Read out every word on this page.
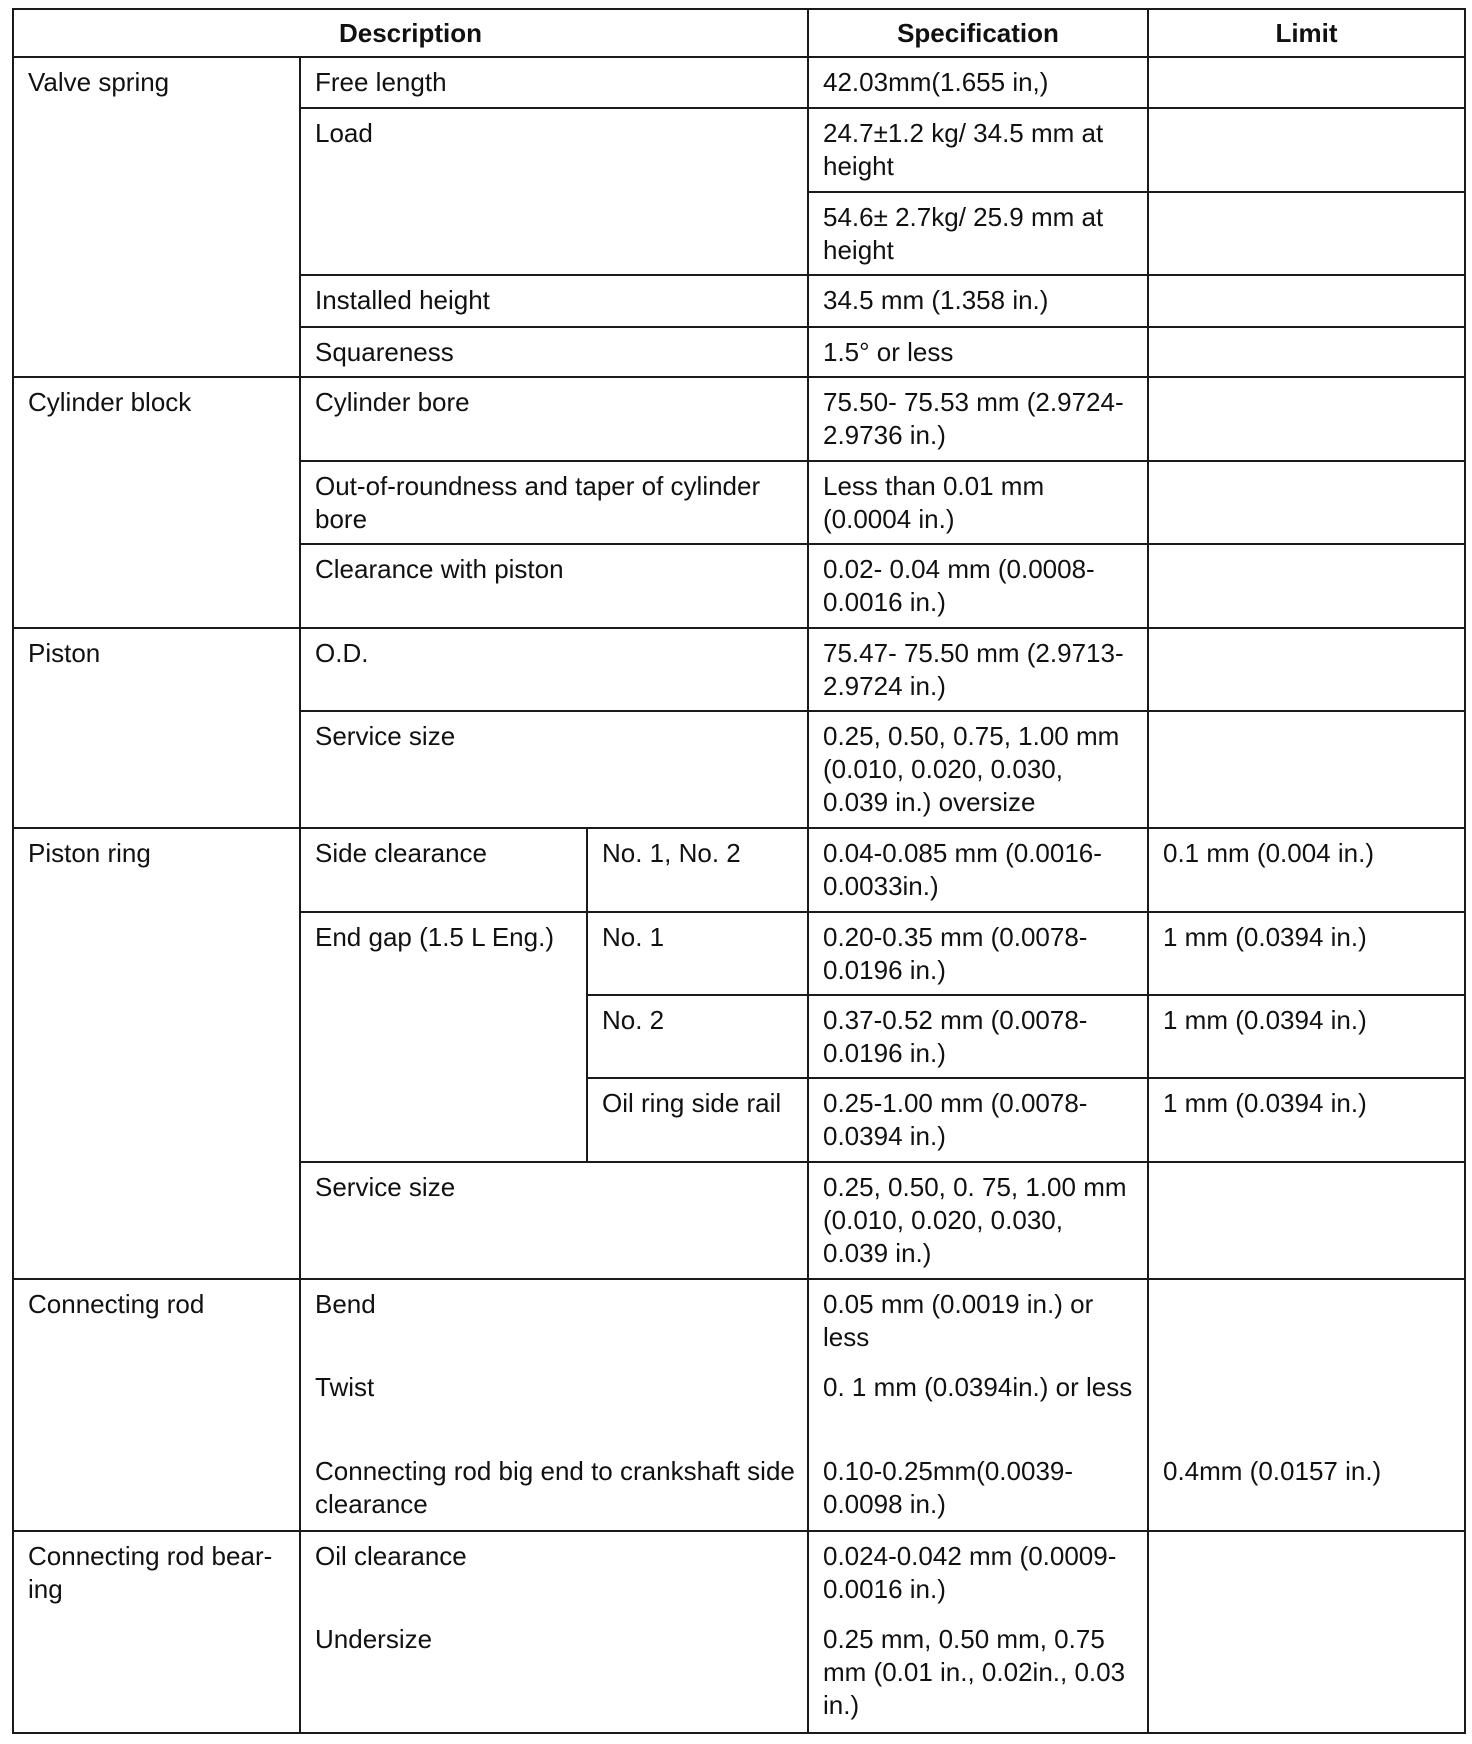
Description			Specification	Limit
Valve spring	Free length		42.03mm(1.655 in,)	
	Load		24.7±1.2 kg/ 34.5 mm at height	
			54.6± 2.7kg/ 25.9 mm at height	
	Installed height		34.5 mm (1.358 in.)	
	Squareness		1.5° or less	
Cylinder block	Cylinder bore		75.50- 75.53 mm (2.9724- 2.9736 in.)	
	Out-of-roundness and taper of cylinder bore		Less than 0.01 mm (0.0004 in.)	
	Clearance with piston		0.02- 0.04 mm (0.0008- 0.0016 in.)	
Piston	O.D.		75.47- 75.50 mm (2.9713- 2.9724 in.)	
	Service size		0.25, 0.50, 0.75, 1.00 mm (0.010, 0.020, 0.030, 0.039 in.) oversize	
Piston ring	Side clearance	No. 1, No. 2	0.04-0.085 mm (0.0016- 0.0033in.)	0.1 mm (0.004 in.)
	End gap (1.5 L Eng.)	No. 1	0.20-0.35 mm (0.0078- 0.0196 in.)	1 mm (0.0394 in.)
		No. 2	0.37-0.52 mm (0.0078- 0.0196 in.)	1 mm (0.0394 in.)
		Oil ring side rail	0.25-1.00 mm (0.0078- 0.0394 in.)	1 mm (0.0394 in.)
	Service size		0.25, 0.50, 0. 75, 1.00 mm (0.010, 0.020, 0.030, 0.039 in.)	
Connecting rod	Bend		0.05 mm (0.0019 in.) or less	
	Twist		0. 1 mm (0.0394in.) or less	
	Connecting rod big end to crankshaft side clearance		0.10-0.25mm(0.0039- 0.0098 in.)	0.4mm (0.0157 in.)
Connecting rod bear- ing	Oil clearance		0.024-0.042 mm (0.0009-0.0016 in.)	
	Undersize		0.25 mm, 0.50 mm, 0.75 mm (0.01 in., 0.02in., 0.03 in.)	
